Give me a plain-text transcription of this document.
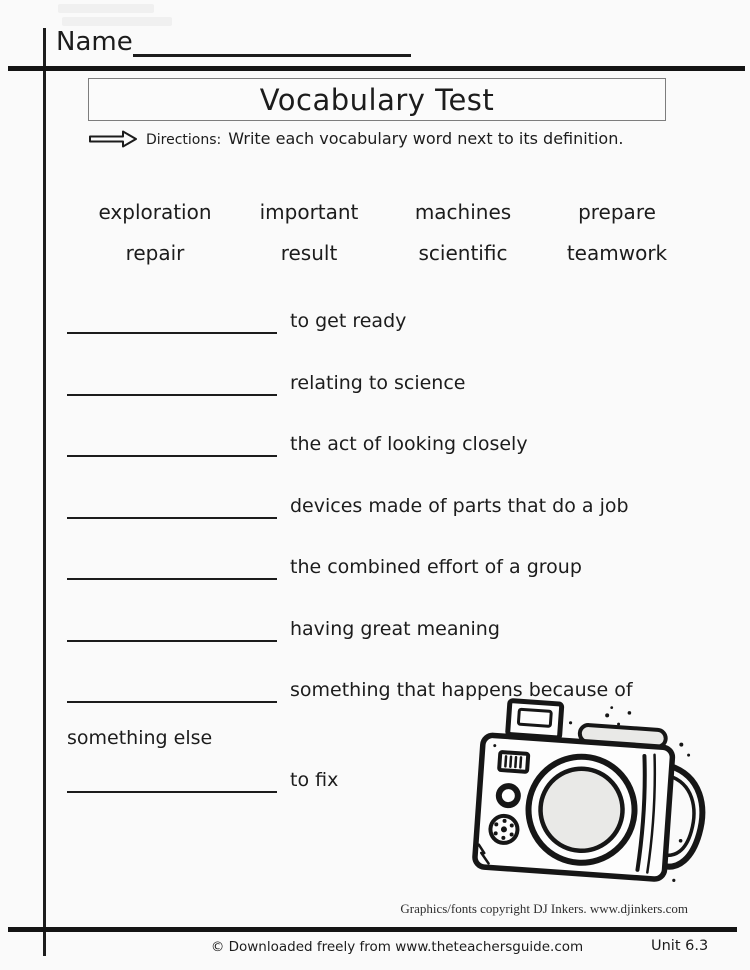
Name
Vocabulary Test
Directions: Write each vocabulary word next to its definition.
exploration	important	machines	prepare
repair	result	scientific	teamwork
to get ready
relating to science
the act of looking closely
devices made of parts that do a job
the combined effort of a group
having great meaning
something that happens because of
something else
to fix
Graphics/fonts copyright DJ Inkers. www.djinkers.com
© Downloaded freely from www.theteachersguide.com	Unit 6.3
